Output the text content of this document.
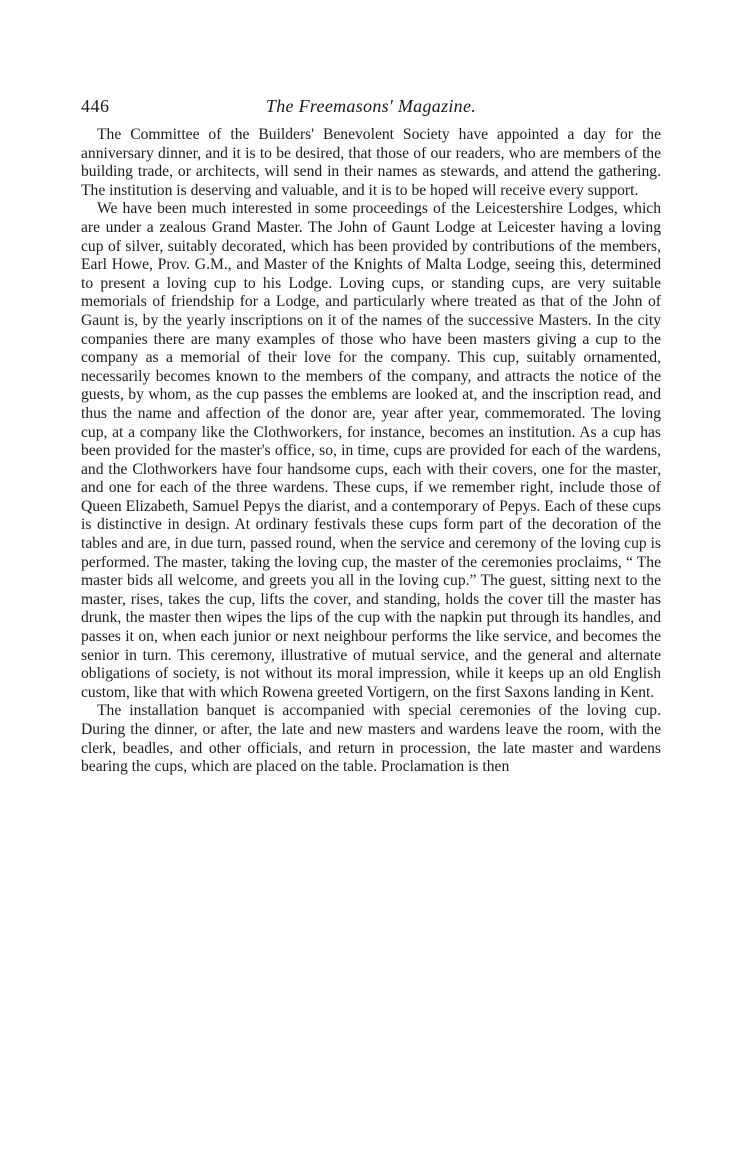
446	The Freemasons' Magazine.

The Committee of the Builders' Benevolent Society have appointed a day for the anniversary dinner, and it is to be desired, that those of our readers, who are members of the building trade, or architects, will send in their names as stewards, and attend the gathering. The institution is deserving and valuable, and it is to be hoped will receive every support.

We have been much interested in some proceedings of the Leicestershire Lodges, which are under a zealous Grand Master. The John of Gaunt Lodge at Leicester having a loving cup of silver, suitably decorated, which has been provided by contributions of the members, Earl Howe, Prov. G.M., and Master of the Knights of Malta Lodge, seeing this, determined to present a loving cup to his Lodge. Loving cups, or standing cups, are very suitable memorials of friendship for a Lodge, and particularly where treated as that of the John of Gaunt is, by the yearly inscriptions on it of the names of the successive Masters. In the city companies there are many examples of those who have been masters giving a cup to the company as a memorial of their love for the company. This cup, suitably ornamented, necessarily becomes known to the members of the company, and attracts the notice of the guests, by whom, as the cup passes the emblems are looked at, and the inscription read, and thus the name and affection of the donor are, year after year, commemorated. The loving cup, at a company like the Clothworkers, for instance, becomes an institution. As a cup has been provided for the master's office, so, in time, cups are provided for each of the wardens, and the Clothworkers have four handsome cups, each with their covers, one for the master, and one for each of the three wardens. These cups, if we remember right, include those of Queen Elizabeth, Samuel Pepys the diarist, and a contemporary of Pepys. Each of these cups is distinctive in design. At ordinary festivals these cups form part of the decoration of the tables and are, in due turn, passed round, when the service and ceremony of the loving cup is performed. The master, taking the loving cup, the master of the ceremonies proclaims, “ The master bids all welcome, and greets you all in the loving cup.” The guest, sitting next to the master, rises, takes the cup, lifts the cover, and standing, holds the cover till the master has drunk, the master then wipes the lips of the cup with the napkin put through its handles, and passes it on, when each junior or next neighbour performs the like service, and becomes the senior in turn. This ceremony, illustrative of mutual service, and the general and alternate obligations of society, is not without its moral impression, while it keeps up an old English custom, like that with which Rowena greeted Vortigern, on the first Saxons landing in Kent.

The installation banquet is accompanied with special ceremonies of the loving cup. During the dinner, or after, the late and new masters and wardens leave the room, with the clerk, beadles, and other officials, and return in procession, the late master and wardens bearing the cups, which are placed on the table. Proclamation is then
